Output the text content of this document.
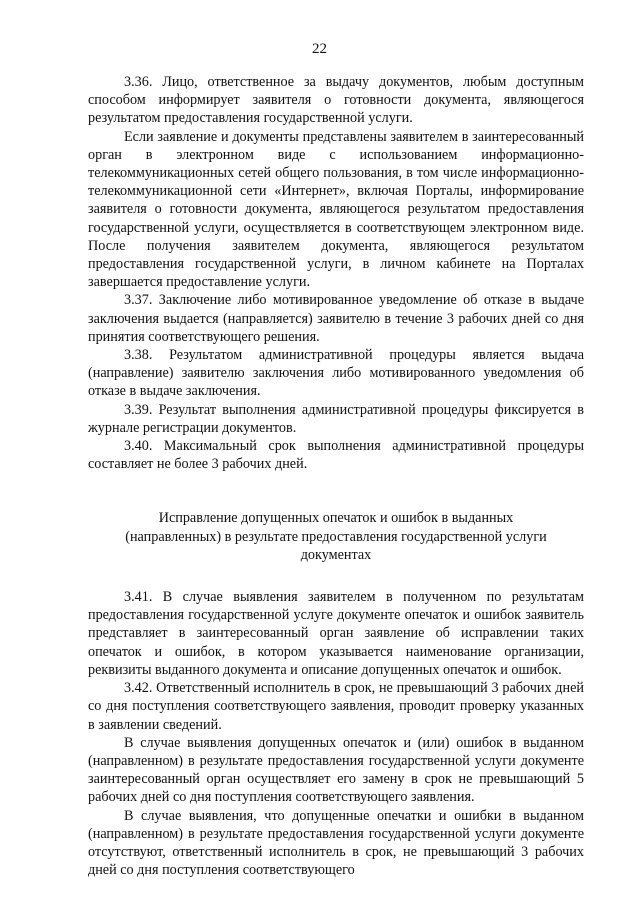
22

3.36. Лицо, ответственное за выдачу документов, любым доступным способом информирует заявителя о готовности документа, являющегося результатом предоставления государственной услуги.

Если заявление и документы представлены заявителем в заинтересованный орган в электронном виде с использованием информационно-телекоммуникационных сетей общего пользования, в том числе информационно-телекоммуникационной сети «Интернет», включая Порталы, информирование заявителя о готовности документа, являющегося результатом предоставления государственной услуги, осуществляется в соответствующем электронном виде. После получения заявителем документа, являющегося результатом предоставления государственной услуги, в личном кабинете на Порталах завершается предоставление услуги.

3.37. Заключение либо мотивированное уведомление об отказе в выдаче заключения выдается (направляется) заявителю в течение 3 рабочих дней со дня принятия соответствующего решения.

3.38. Результатом административной процедуры является выдача (направление) заявителю заключения либо мотивированного уведомления об отказе в выдаче заключения.

3.39. Результат выполнения административной процедуры фиксируется в журнале регистрации документов.

3.40. Максимальный срок выполнения административной процедуры составляет не более 3 рабочих дней.

Исправление допущенных опечаток и ошибок в выданных (направленных) в результате предоставления государственной услуги документах

3.41. В случае выявления заявителем в полученном по результатам предоставления государственной услуге документе опечаток и ошибок заявитель представляет в заинтересованный орган заявление об исправлении таких опечаток и ошибок, в котором указывается наименование организации, реквизиты выданного документа и описание допущенных опечаток и ошибок.

3.42. Ответственный исполнитель в срок, не превышающий 3 рабочих дней со дня поступления соответствующего заявления, проводит проверку указанных в заявлении сведений.

В случае выявления допущенных опечаток и (или) ошибок в выданном (направленном) в результате предоставления государственной услуги документе заинтересованный орган осуществляет его замену в срок не превышающий 5 рабочих дней со дня поступления соответствующего заявления.

В случае выявления, что допущенные опечатки и ошибки в выданном (направленном) в результате предоставления государственной услуги документе отсутствуют, ответственный исполнитель в срок, не превышающий 3 рабочих дней со дня поступления соответствующего
